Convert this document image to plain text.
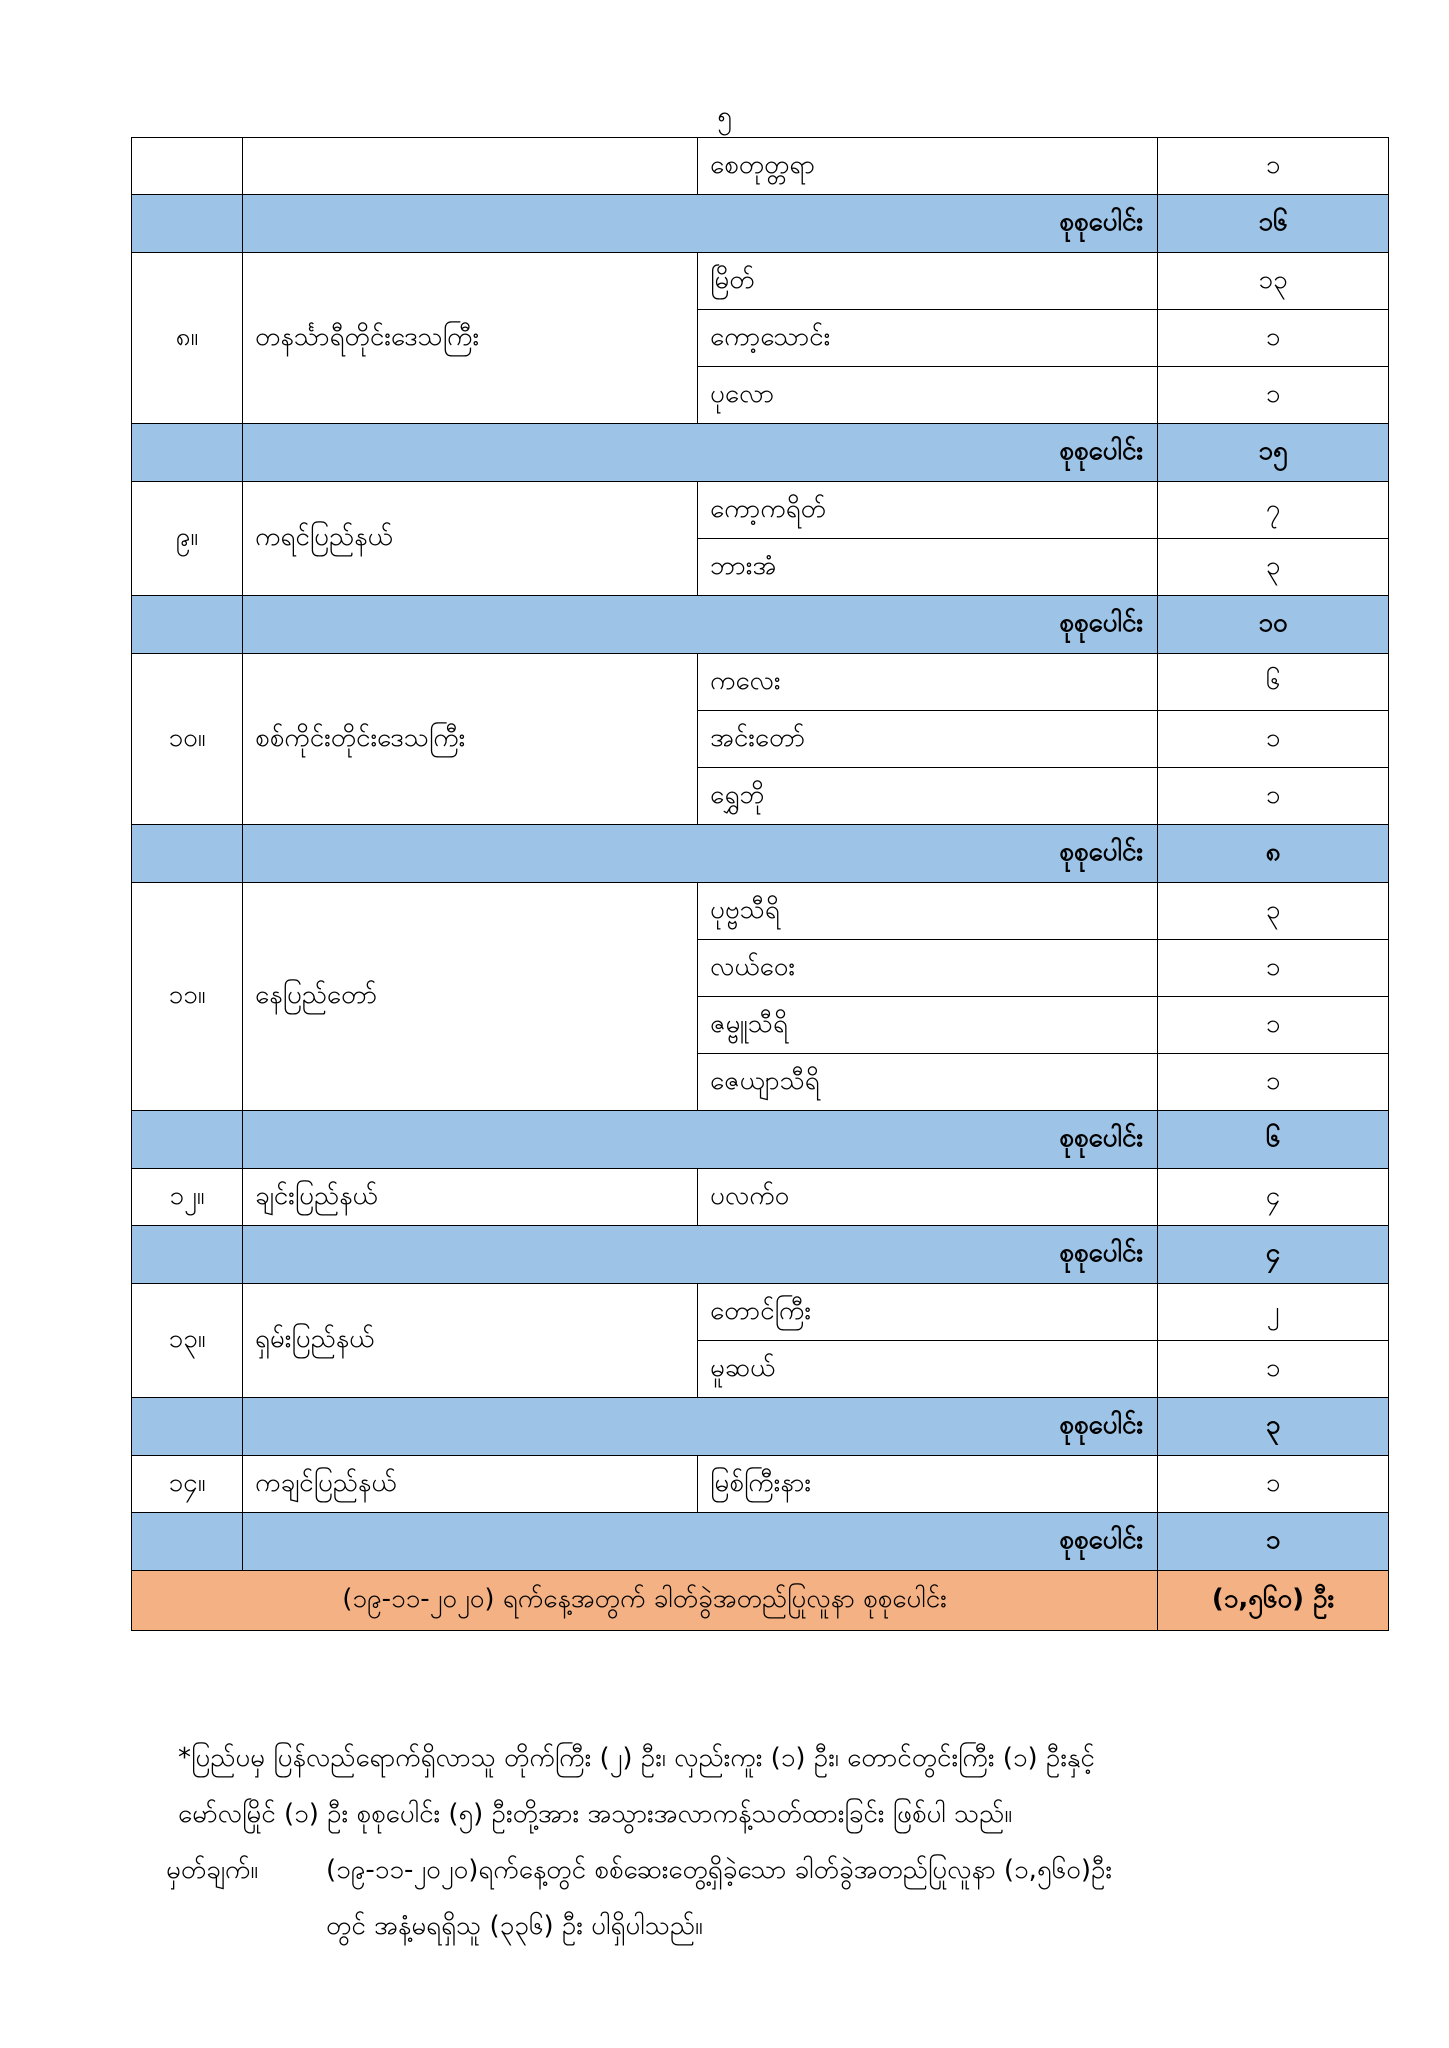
၅
		စေတုတ္တရာ	၁
	စုစုပေါင်း		၁၆
၈။	တနင်္သာရီတိုင်းဒေသကြီး	မြိတ်	၁၃
		ကော့သောင်း	၁
		ပုလော	၁
	စုစုပေါင်း		၁၅
၉။	ကရင်ပြည်နယ်	ကော့ကရိတ်	၇
		ဘားအံ	၃
	စုစုပေါင်း		၁၀
၁၀။	စစ်ကိုင်းတိုင်းဒေသကြီး	ကလေး	၆
		အင်းတော်	၁
		ရွှေဘို	၁
	စုစုပေါင်း		၈
၁၁။	နေပြည်တော်	ပုဗ္ဗသီရိ	၃
		လယ်ဝေး	၁
		ဇမ္ဗူသီရိ	၁
		ဇေယျာသီရိ	၁
	စုစုပေါင်း		၆
၁၂။	ချင်းပြည်နယ်	ပလက်ဝ	၄
	စုစုပေါင်း		၄
၁၃။	ရှမ်းပြည်နယ်	တောင်ကြီး	၂
		မူဆယ်	၁
	စုစုပေါင်း		၃
၁၄။	ကချင်ပြည်နယ်	မြစ်ကြီးနား	၁
	စုစုပေါင်း		၁
(၁၉-၁၁-၂၀၂၀) ရက်နေ့အတွက် ခါတ်ခွဲအတည်ပြုလူနာ စုစုပေါင်း			(၁,၅၆၀) ဦး
*ပြည်ပမှ ပြန်လည်ရောက်ရှိလာသူ တိုက်ကြီး (၂) ဦး၊ လှည်းကူး (၁) ဦး၊ တောင်တွင်းကြီး (၁) ဦးနှင့်
မော်လမြိုင် (၁) ဦး စုစုပေါင်း (၅) ဦးတို့အား အသွားအလာကန့်သတ်ထားခြင်း ဖြစ်ပါ သည်။
မှတ်ချက်။	(၁၉-၁၁-၂၀၂၀)ရက်နေ့တွင် စစ်ဆေးတွေ့ရှိခဲ့သော ခါတ်ခွဲအတည်ပြုလူနာ (၁,၅၆၀)ဦး
တွင် အနံ့မရရှိသူ (၃၃၆) ဦး ပါရှိပါသည်။
